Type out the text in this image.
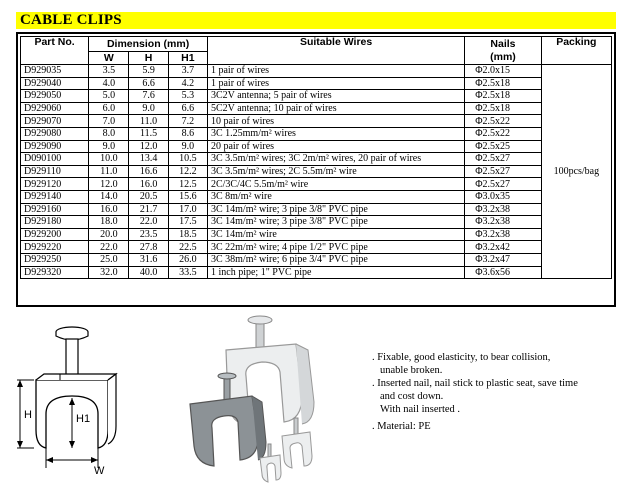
CABLE CLIPS
Part No.	Dimension (mm)			Suitable Wires	Nails	Packing
	W	H	H1		(mm)	
D929035	3.5	5.9	3.7	1 pair of wires	Φ2.0x15	100pcs/bag
D929040	4.0	6.6	4.2	1 pair of wires	Φ2.5x18	
D929050	5.0	7.6	5.3	3C2V antenna; 5 pair of wires	Φ2.5x18	
D929060	6.0	9.0	6.6	5C2V antenna; 10 pair of wires	Φ2.5x18	
D929070	7.0	11.0	7.2	10 pair of wires	Φ2.5x22	
D929080	8.0	11.5	8.6	3C 1.25mm/m² wires	Φ2.5x22	
D929090	9.0	12.0	9.0	20 pair of wires	Φ2.5x25	
D090100	10.0	13.4	10.5	3C 3.5m/m² wires; 3C 2m/m² wires, 20 pair of wires	Φ2.5x27	
D929110	11.0	16.6	12.2	3C 3.5m/m² wires; 2C 5.5m/m² wire	Φ2.5x27	
D929120	12.0	16.0	12.5	2C/3C/4C 5.5m/m² wire	Φ2.5x27	
D929140	14.0	20.5	15.6	3C 8m/m² wire	Φ3.0x35	
D929160	16.0	21.7	17.0	3C 14m/m² wire; 3 pipe 3/8" PVC pipe	Φ3.2x38	
D929180	18.0	22.0	17.5	3C 14m/m² wire; 3 pipe 3/8" PVC pipe	Φ3.2x38	
D929200	20.0	23.5	18.5	3C 14m/m² wire	Φ3.2x38	
D929220	22.0	27.8	22.5	3C 22m/m² wire; 4 pipe 1/2" PVC pipe	Φ3.2x42	
D929250	25.0	31.6	26.0	3C 38m/m² wire; 6 pipe 3/4" PVC pipe	Φ3.2x47	
D929320	32.0	40.0	33.5	1 inch pipe; 1" PVC pipe	Φ3.6x56	
H	H1
W

. Fixable, good elasticity, to bear collision,

unable broken.

. Inserted nail, nail stick to plastic seat, save time

and cost down.

With nail inserted .

. Material: PE
